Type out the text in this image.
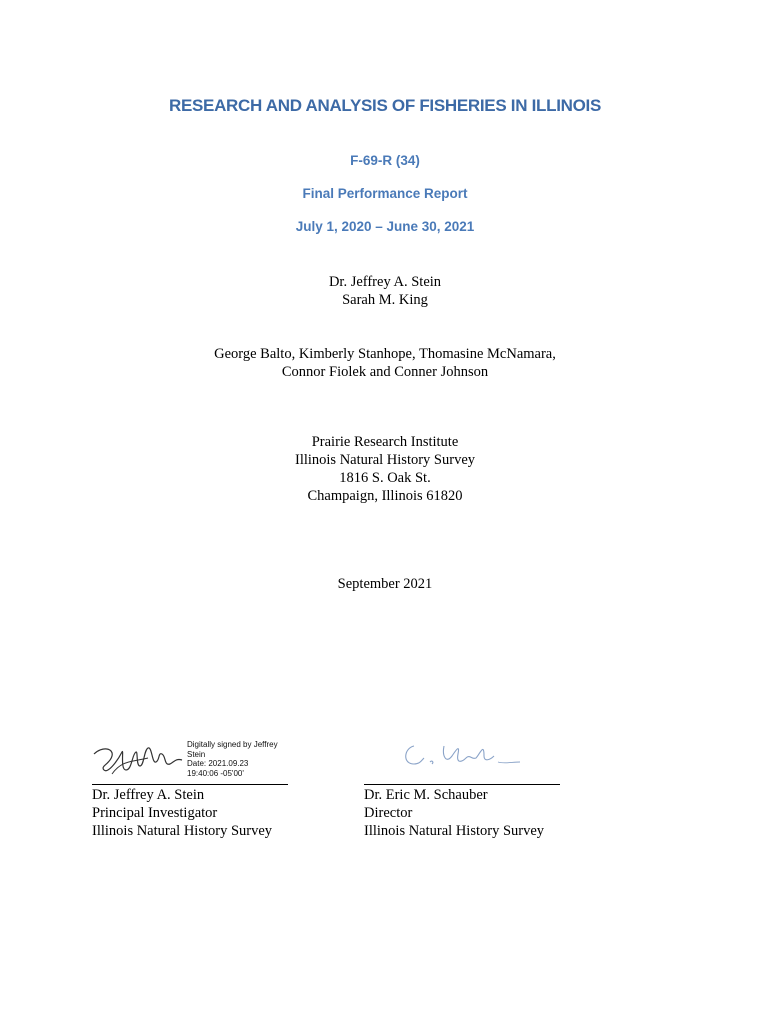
RESEARCH AND ANALYSIS OF FISHERIES IN ILLINOIS
F-69-R (34)
Final Performance Report
July 1, 2020 – June 30, 2021
Dr. Jeffrey A. Stein
Sarah M. King
George Balto, Kimberly Stanhope, Thomasine McNamara,
Connor Fiolek and Conner Johnson
Prairie Research Institute
Illinois Natural History Survey
1816 S. Oak St.
Champaign, Illinois 61820
September 2021
Digitally signed by Jeffrey
Stein
Date: 2021.09.23
19:40:06 -05'00'
Dr. Jeffrey A. Stein
Principal Investigator
Illinois Natural History Survey
Dr. Eric M. Schauber
Director
Illinois Natural History Survey
